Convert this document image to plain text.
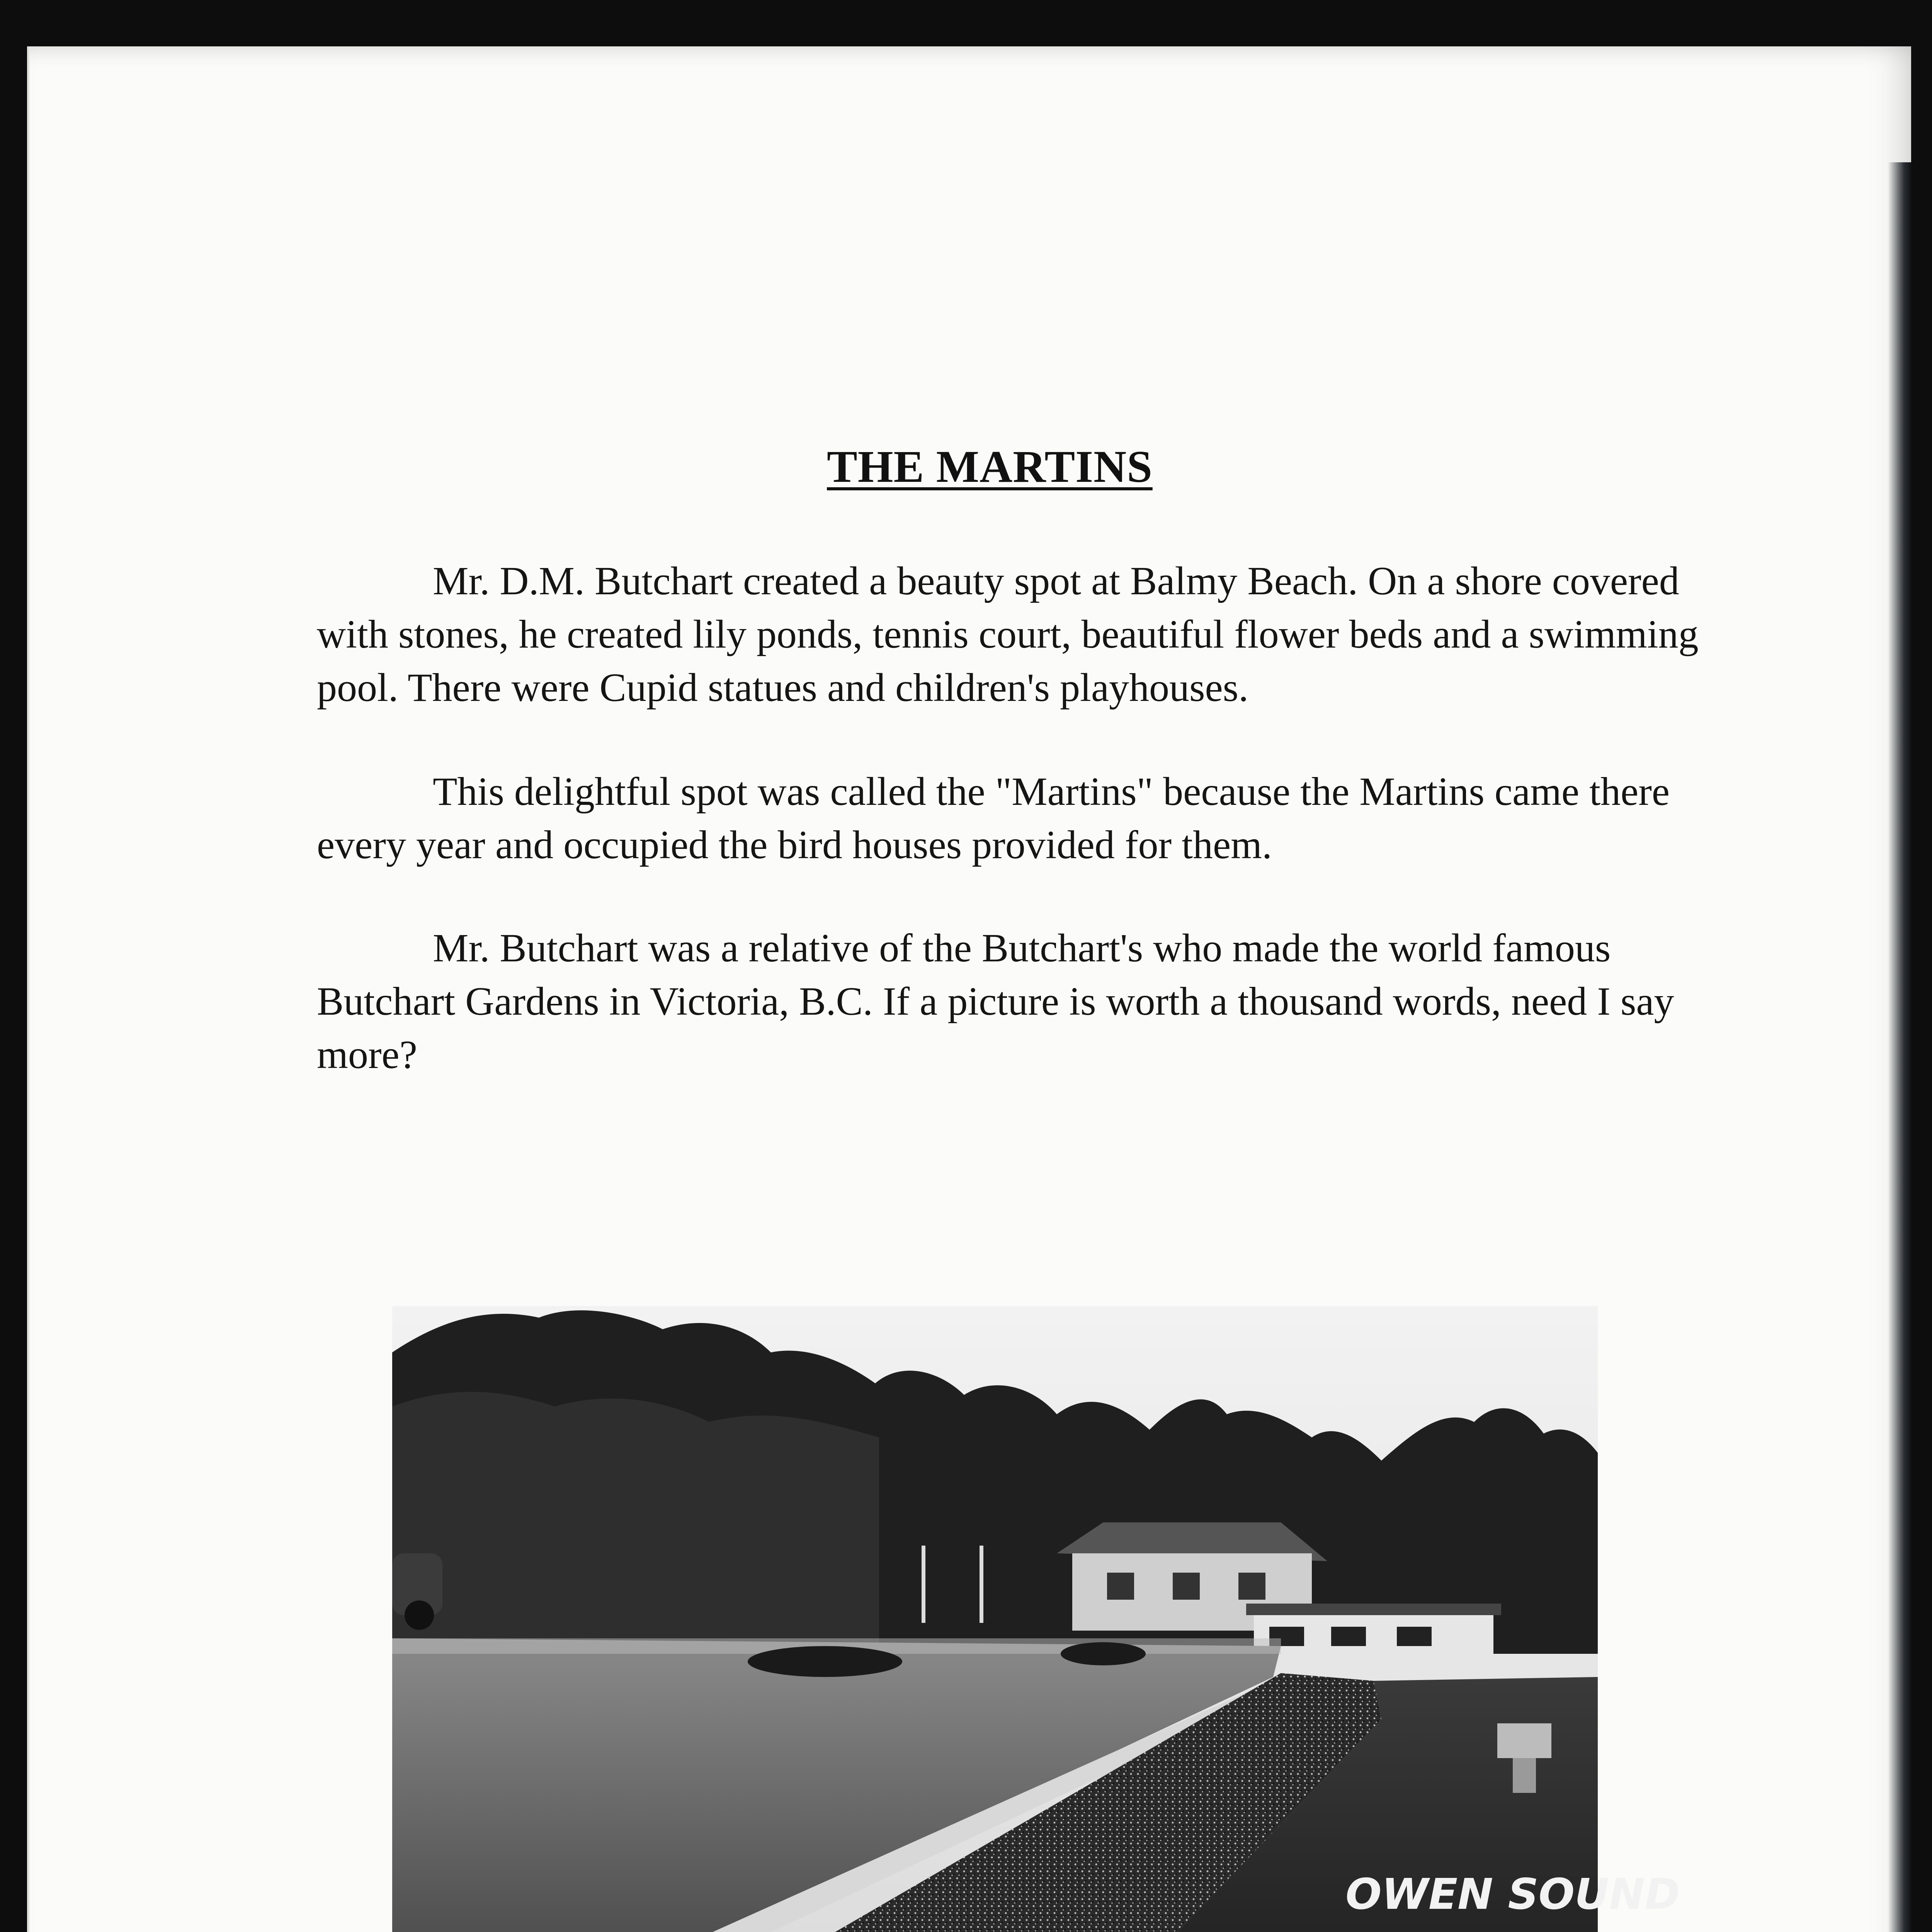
THE MARTINS

Mr. D.M. Butchart created a beauty spot at Balmy Beach. On a shore covered with stones, he created lily ponds, tennis court, beautiful flower beds and a swimming pool. There were Cupid statues and children's playhouses.

This delightful spot was called the "Martins" because the Martins came there every year and occupied the bird houses provided for them.

Mr. Butchart was a relative of the Butchart's who made the world famous Butchart Gardens in Victoria, B.C. If a picture is worth a thousand words, need I say more?

OWEN SOUND
